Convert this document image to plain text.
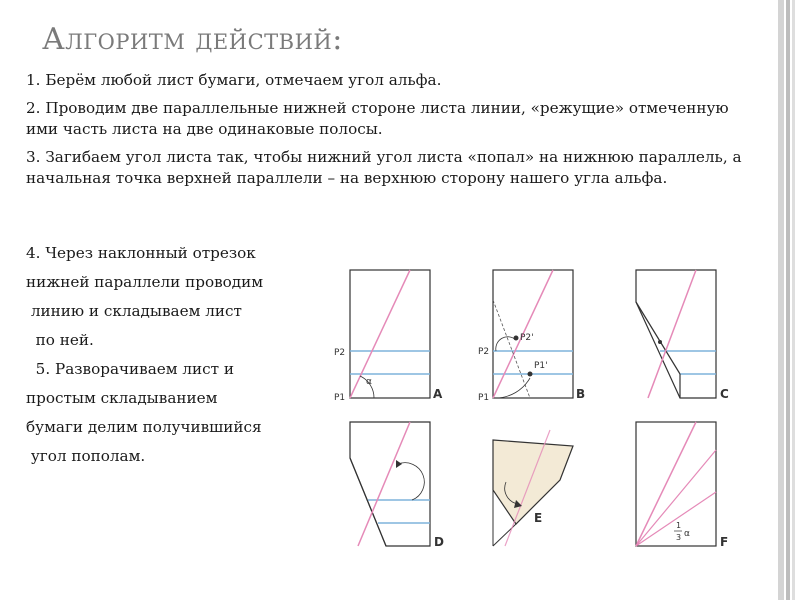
Алгоритм действий:

1. Берём любой лист бумаги, отмечаем угол альфа.

2. Проводим две параллельные нижней стороне листа линии, «режущие» отмеченную ими часть листа на две одинаковые полосы.

3. Загибаем угол листа так, чтобы нижний угол листа «попал» на нижнюю параллель, а начальная точка верхней параллели – на верхнюю сторону нашего угла альфа.

4. Через наклонный отрезок
нижней параллели проводим
линию и складываем лист
по ней.
5. Разворачиваем лист и
простым складыванием
бумаги делим получившийся
угол пополам.
α
P2
P1	A
P2'
P1'
P2
P1	B	C
D
E
1
3 α
F
